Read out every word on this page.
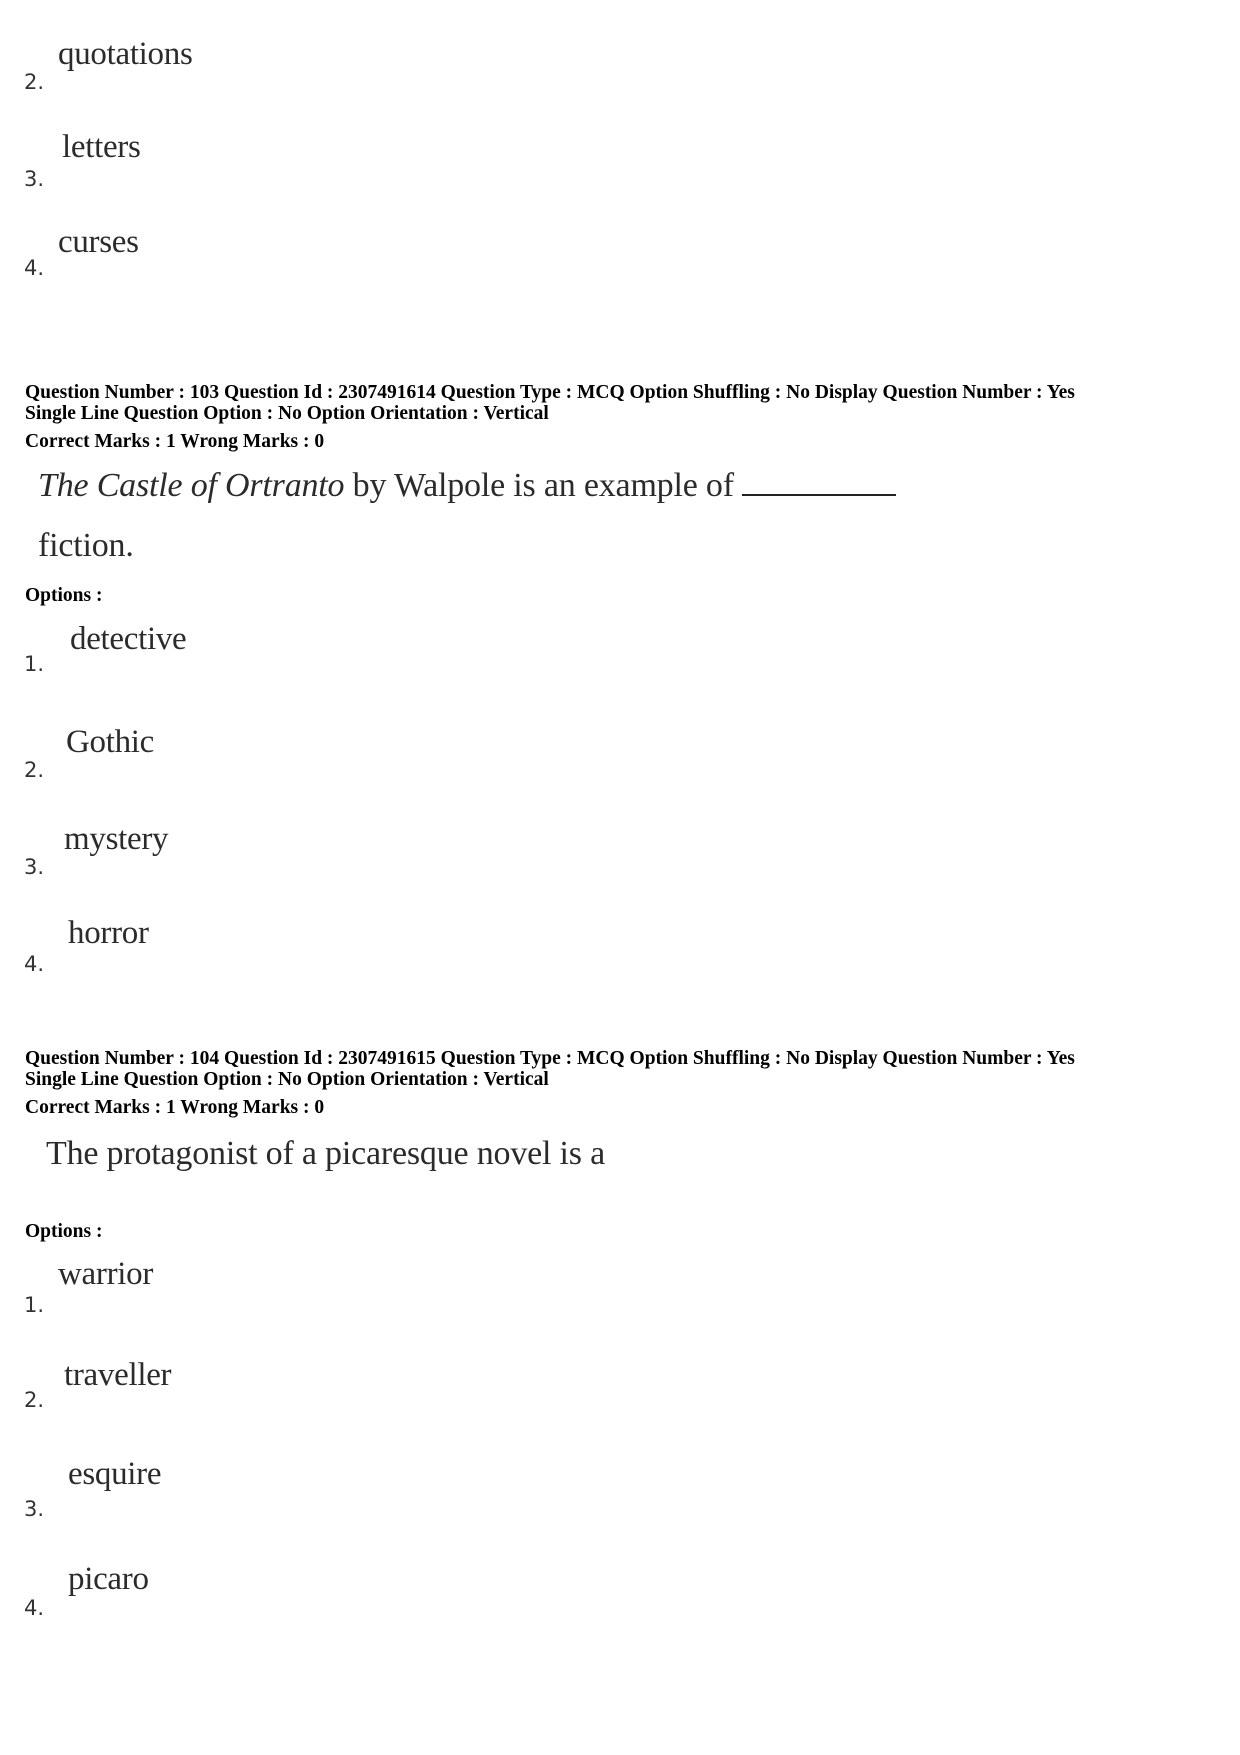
quotations
2.
letters
3.
curses
4.
Question Number : 103 Question Id : 2307491614 Question Type : MCQ Option Shuffling : No Display Question Number : Yes
Single Line Question Option : No Option Orientation : Vertical
Correct Marks : 1 Wrong Marks : 0
The Castle of Ortranto by Walpole is an example of
fiction.
Options :
detective
1.
Gothic
2.
mystery
3.
horror
4.
Question Number : 104 Question Id : 2307491615 Question Type : MCQ Option Shuffling : No Display Question Number : Yes
Single Line Question Option : No Option Orientation : Vertical
Correct Marks : 1 Wrong Marks : 0
The protagonist of a picaresque novel is a
Options :
warrior
1.
traveller
2.
esquire
3.
picaro
4.
